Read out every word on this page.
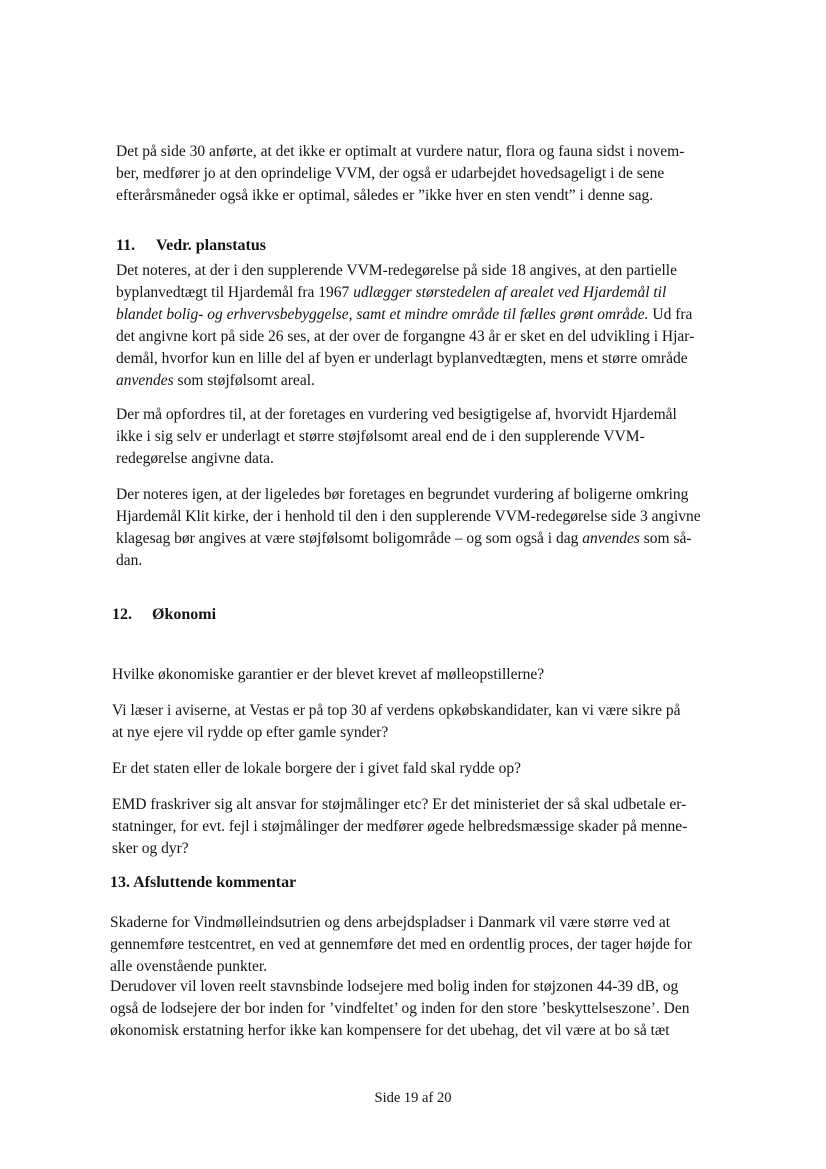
Det på side 30 anførte, at det ikke er optimalt at vurdere natur, flora og fauna sidst i novem-

ber, medfører jo at den oprindelige VVM, der også er udarbejdet hovedsageligt i de sene

efterårsmåneder også ikke er optimal, således er ”ikke hver en sten vendt” i denne sag.

11. Vedr. planstatus

Det noteres, at der i den supplerende VVM-redegørelse på side 18 angives, at den partielle

byplanvedtægt til Hjardemål fra 1967 udlægger størstedelen af arealet ved Hjardemål til

blandet bolig- og erhvervsbebyggelse, samt et mindre område til fælles grønt område. Ud fra

det angivne kort på side 26 ses, at der over de forgangne 43 år er sket en del udvikling i Hjar-

demål, hvorfor kun en lille del af byen er underlagt byplanvedtægten, mens et større område

anvendes som støjfølsomt areal.

Der må opfordres til, at der foretages en vurdering ved besigtigelse af, hvorvidt Hjardemål

ikke i sig selv er underlagt et større støjfølsomt areal end de i den supplerende VVM-

redegørelse angivne data.

Der noteres igen, at der ligeledes bør foretages en begrundet vurdering af boligerne omkring

Hjardemål Klit kirke, der i henhold til den i den supplerende VVM-redegørelse side 3 angivne

klagesag bør angives at være støjfølsomt boligområde – og som også i dag anvendes som så-

dan.

12. Økonomi

Hvilke økonomiske garantier er der blevet krevet af mølleopstillerne?

Vi læser i aviserne, at Vestas er på top 30 af verdens opkøbskandidater, kan vi være sikre på

at nye ejere vil rydde op efter gamle synder?

Er det staten eller de lokale borgere der i givet fald skal rydde op?

EMD fraskriver sig alt ansvar for støjmålinger etc? Er det ministeriet der så skal udbetale er-

statninger, for evt. fejl i støjmålinger der medfører øgede helbredsmæssige skader på menne-

sker og dyr?

13. Afsluttende kommentar

Skaderne for Vindmølleindsutrien og dens arbejdspladser i Danmark vil være større ved at

gennemføre testcentret, en ved at gennemføre det med en ordentlig proces, der tager højde for

alle ovenstående punkter.

Derudover vil loven reelt stavnsbinde lodsejere med bolig inden for støjzonen 44-39 dB, og

også de lodsejere der bor inden for ’vindfeltet’ og inden for den store ’beskyttelseszone’. Den

økonomisk erstatning herfor ikke kan kompensere for det ubehag, det vil være at bo så tæt

Side 19 af 20
